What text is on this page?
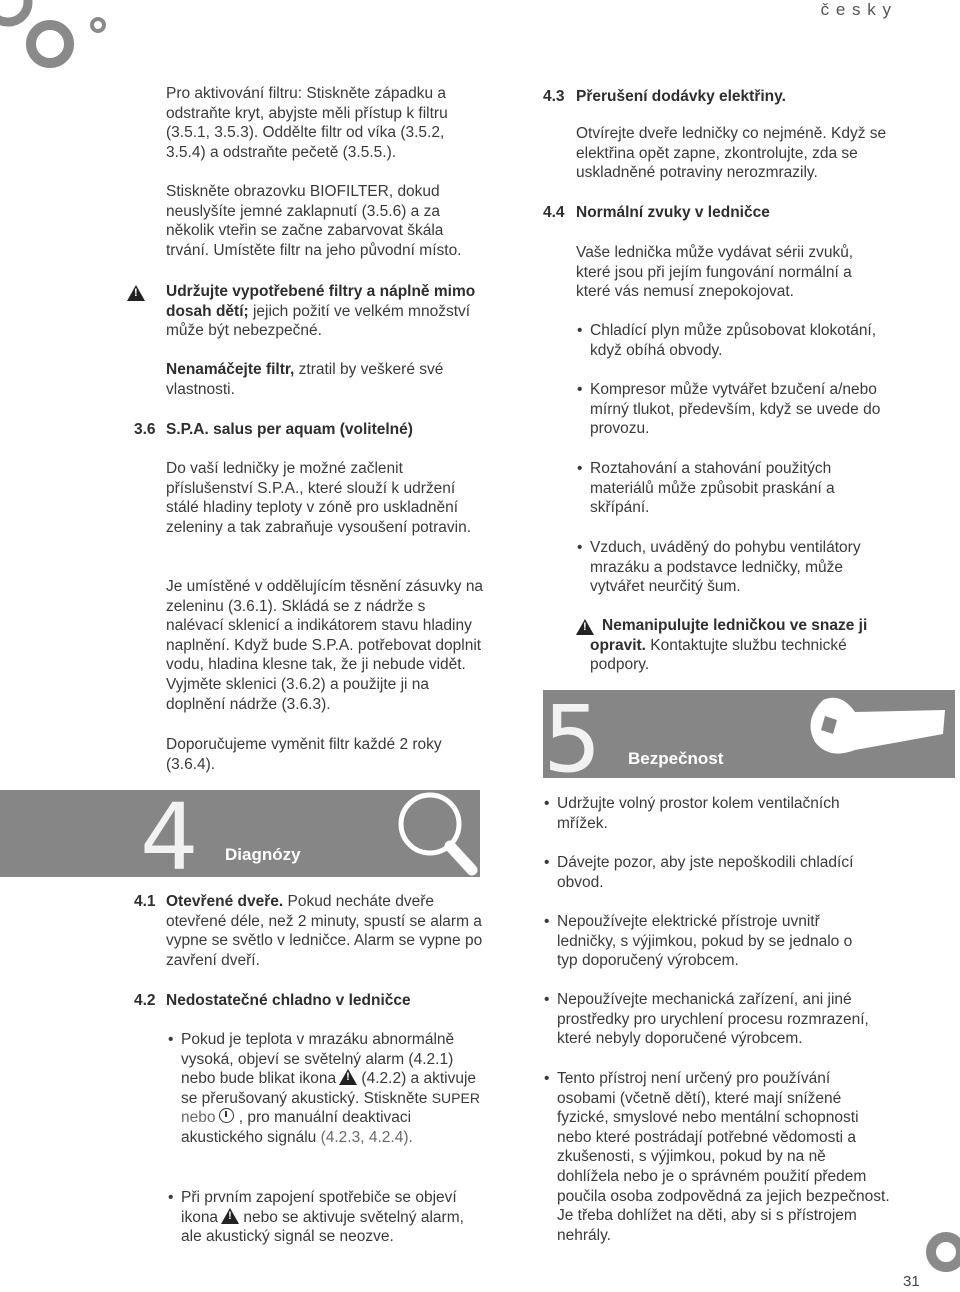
č e s k y

Pro aktivování filtru: Stiskněte západku a odstraňte kryt, abyjste měli přístup k filtru (3.5.1, 3.5.3). Oddělte filtr od víka (3.5.2, 3.5.4) a odstraňte pečetě (3.5.5.).

Stiskněte obrazovku BIOFILTER, dokud neuslyšíte jemné zaklapnutí (3.5.6) a za několik vteřin se začne zabarvovat škála trvání. Umístěte filtr na jeho původní místo.

!

Udržujte vypotřebené filtry a náplně mimo dosah dětí; jejich požití ve velkém množství může být nebezpečné.

Nenamáčejte filtr, ztratil by veškeré své vlastnosti.

3.6 S.P.A. salus per aquam (volitelné)

Do vaší ledničky je možné začlenit příslušenství S.P.A., které slouží k udržení stálé hladiny teploty v zóně pro uskladnění zeleniny a tak zabraňuje vysoušení potravin.

Je umístěné v oddělujícím těsnění zásuvky na zeleninu (3.6.1). Skládá se z nádrže s nalévací sklenicí a indikátorem stavu hladiny naplnění. Když bude S.P.A. potřebovat doplnit vodu, hladina klesne tak, že ji nebude vidět. Vyjměte sklenici (3.6.2) a použijte ji na doplnění nádrže (3.6.3).

Doporučujeme vyměnit filtr každé 2 roky (3.6.4).

4 Diagnózy
4.1 Otevřené dveře. Pokud necháte dveře otevřené déle, než 2 minuty, spustí se alarm a vypne se světlo v ledničce. Alarm se vypne po zavření dveří.

4.2 Nedostatečné chladno v ledničce

• Pokud je teplota v mrazáku abnormálně vysoká, objeví se světelný alarm (4.2.1) nebo bude blikat ikona! (4.2.2) a aktivuje se přerušovaný akustický. Stiskněte SUPER nebo
, pro manuální deaktivaci akustického signálu (4.2.3, 4.2.4).

• Při prvním zapojení spotřebiče se objeví ikona! nebo se aktivuje světelný alarm, ale akustický signál se neozve.

4.3 Přerušení dodávky elektřiny.

Otvírejte dveře ledničky co nejméně. Když se elektřina opět zapne, zkontrolujte, zda se uskladněné potraviny nerozmrazily.

4.4 Normální zvuky v ledničce

Vaše lednička může vydávat sérii zvuků, které jsou při jejím fungování normální a které vás nemusí znepokojovat.

• Chladící plyn může způsobovat klokotání, když obíhá obvody.

• Kompresor může vytvářet bzučení a/nebo mírný tlukot, především, když se uvede do provozu.

• Roztahování a stahování použitých materiálů může způsobit praskání a skřípání.

• Vzduch, uváděný do pohybu ventilátory mrazáku a podstavce ledničky, může vytvářet neurčitý šum.

!

Nemanipulujte ledničkou ve snaze ji opravit. Kontaktujte službu technické podpory.

5 Bezpečnost

• Udržujte volný prostor kolem ventilačních mřížek.

• Dávejte pozor, aby jste nepoškodili chladící obvod.

• Nepoužívejte elektrické přístroje uvnitř ledničky, s výjimkou, pokud by se jednalo o typ doporučený výrobcem.

• Nepoužívejte mechanická zařízení, ani jiné prostředky pro urychlení procesu rozmrazení, které nebyly doporučené výrobcem.

• Tento přístroj není určený pro používání osobami (včetně dětí), které mají snížené fyzické, smyslové nebo mentální schopnosti nebo které postrádají potřebné vědomosti a zkušenosti, s výjimkou, pokud by na ně dohlížela nebo je o správném použití předem poučila osoba zodpovědná za jejich bezpečnost. Je třeba dohlížet na děti, aby si s přístrojem nehrály.

31
